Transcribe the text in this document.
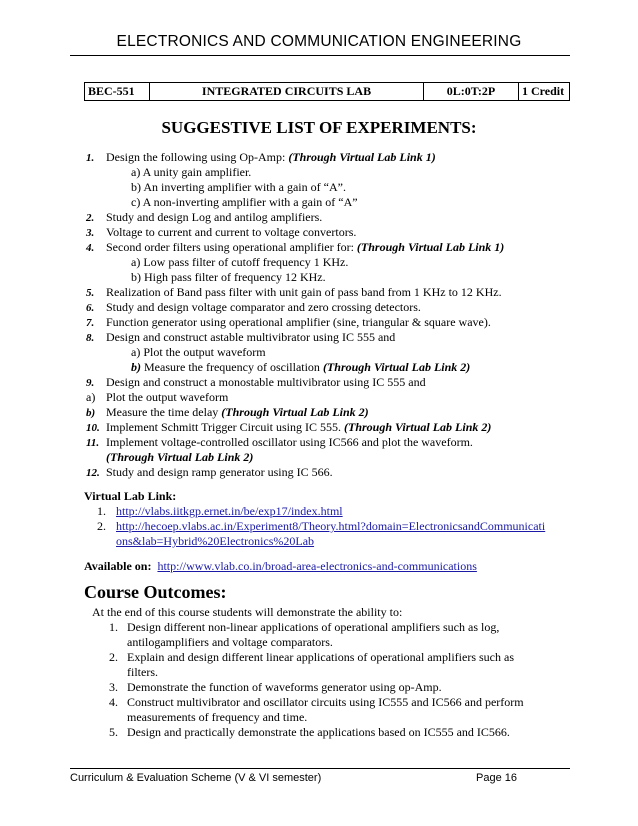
ELECTRONICS AND COMMUNICATION ENGINEERING
BEC-551	INTEGRATED CIRCUITS LAB	0L:0T:2P	1 Credit
SUGGESTIVE LIST OF EXPERIMENTS:
1. Design the following using Op-Amp: (Through Virtual Lab Link 1)
a) A unity gain amplifier.
b) An inverting amplifier with a gain of “A”.
c) A non-inverting amplifier with a gain of “A”
2. Study and design Log and antilog amplifiers.
3. Voltage to current and current to voltage convertors.
4. Second order filters using operational amplifier for: (Through Virtual Lab Link 1)
a) Low pass filter of cutoff frequency 1 KHz.
b) High pass filter of frequency 12 KHz.
5. Realization of Band pass filter with unit gain of pass band from 1 KHz to 12 KHz.
6. Study and design voltage comparator and zero crossing detectors.
7. Function generator using operational amplifier (sine, triangular & square wave).
8. Design and construct astable multivibrator using IC 555 and
a) Plot the output waveform
b) Measure the frequency of oscillation (Through Virtual Lab Link 2)
9. Design and construct a monostable multivibrator using IC 555 and
a) Plot the output waveform
b) Measure the time delay (Through Virtual Lab Link 2)
10. Implement Schmitt Trigger Circuit using IC 555. (Through Virtual Lab Link 2)
11. Implement voltage-controlled oscillator using IC566 and plot the waveform.
(Through Virtual Lab Link 2)
12. Study and design ramp generator using IC 566.
Virtual Lab Link:
1. http://vlabs.iitkgp.ernet.in/be/exp17/index.html
2. http://hecoep.vlabs.ac.in/Experiment8/Theory.html?domain=ElectronicsandCommunicati
ons&lab=Hybrid%20Electronics%20Lab
Available on: http://www.vlab.co.in/broad-area-electronics-and-communications
Course Outcomes:
At the end of this course students will demonstrate the ability to:
1. Design different non-linear applications of operational amplifiers such as log,
antilogamplifiers and voltage comparators.
2. Explain and design different linear applications of operational amplifiers such as
filters.
3. Demonstrate the function of waveforms generator using op-Amp.
4. Construct multivibrator and oscillator circuits using IC555 and IC566 and perform
measurements of frequency and time.
5. Design and practically demonstrate the applications based on IC555 and IC566.
Curriculum & Evaluation Scheme (V & VI semester)	Page 16
